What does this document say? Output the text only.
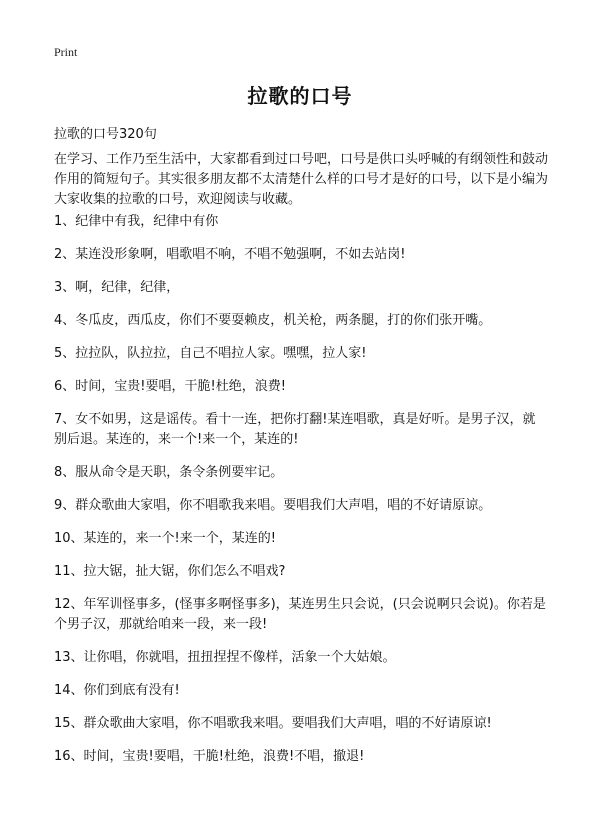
Print
拉歌的口号

拉歌的口号320句

在学习、工作乃至生活中，大家都看到过口号吧，口号是供口头呼喊的有纲领性和鼓动作用的简短句子。其实很多朋友都不太清楚什么样的口号才是好的口号，以下是小编为大家收集的拉歌的口号，欢迎阅读与收藏。

1、纪律中有我，纪律中有你
2、某连没形象啊，唱歌唱不响，不唱不勉强啊，不如去站岗!
3、啊，纪律，纪律，
4、冬瓜皮，西瓜皮，你们不要耍赖皮，机关枪，两条腿，打的你们张开嘴。
5、拉拉队，队拉拉，自己不唱拉人家。嘿嘿，拉人家!
6、时间，宝贵!要唱，干脆!杜绝，浪费!
7、女不如男，这是谣传。看十一连，把你打翻!某连唱歌，真是好听。是男子汉，就别后退。某连的，来一个!来一个，某连的!
8、服从命令是天职，条令条例要牢记。
9、群众歌曲大家唱，你不唱歌我来唱。要唱我们大声唱，唱的不好请原谅。
10、某连的，来一个!来一个，某连的!
11、拉大锯，扯大锯，你们怎么不唱戏?
12、年军训怪事多，(怪事多啊怪事多)，某连男生只会说，(只会说啊只会说)。你若是个男子汉，那就给咱来一段，来一段!
13、让你唱，你就唱，扭扭捏捏不像样，活象一个大姑娘。
14、你们到底有没有!
15、群众歌曲大家唱，你不唱歌我来唱。要唱我们大声唱，唱的不好请原谅!
16、时间，宝贵!要唱，干脆!杜绝，浪费!不唱，撤退!
